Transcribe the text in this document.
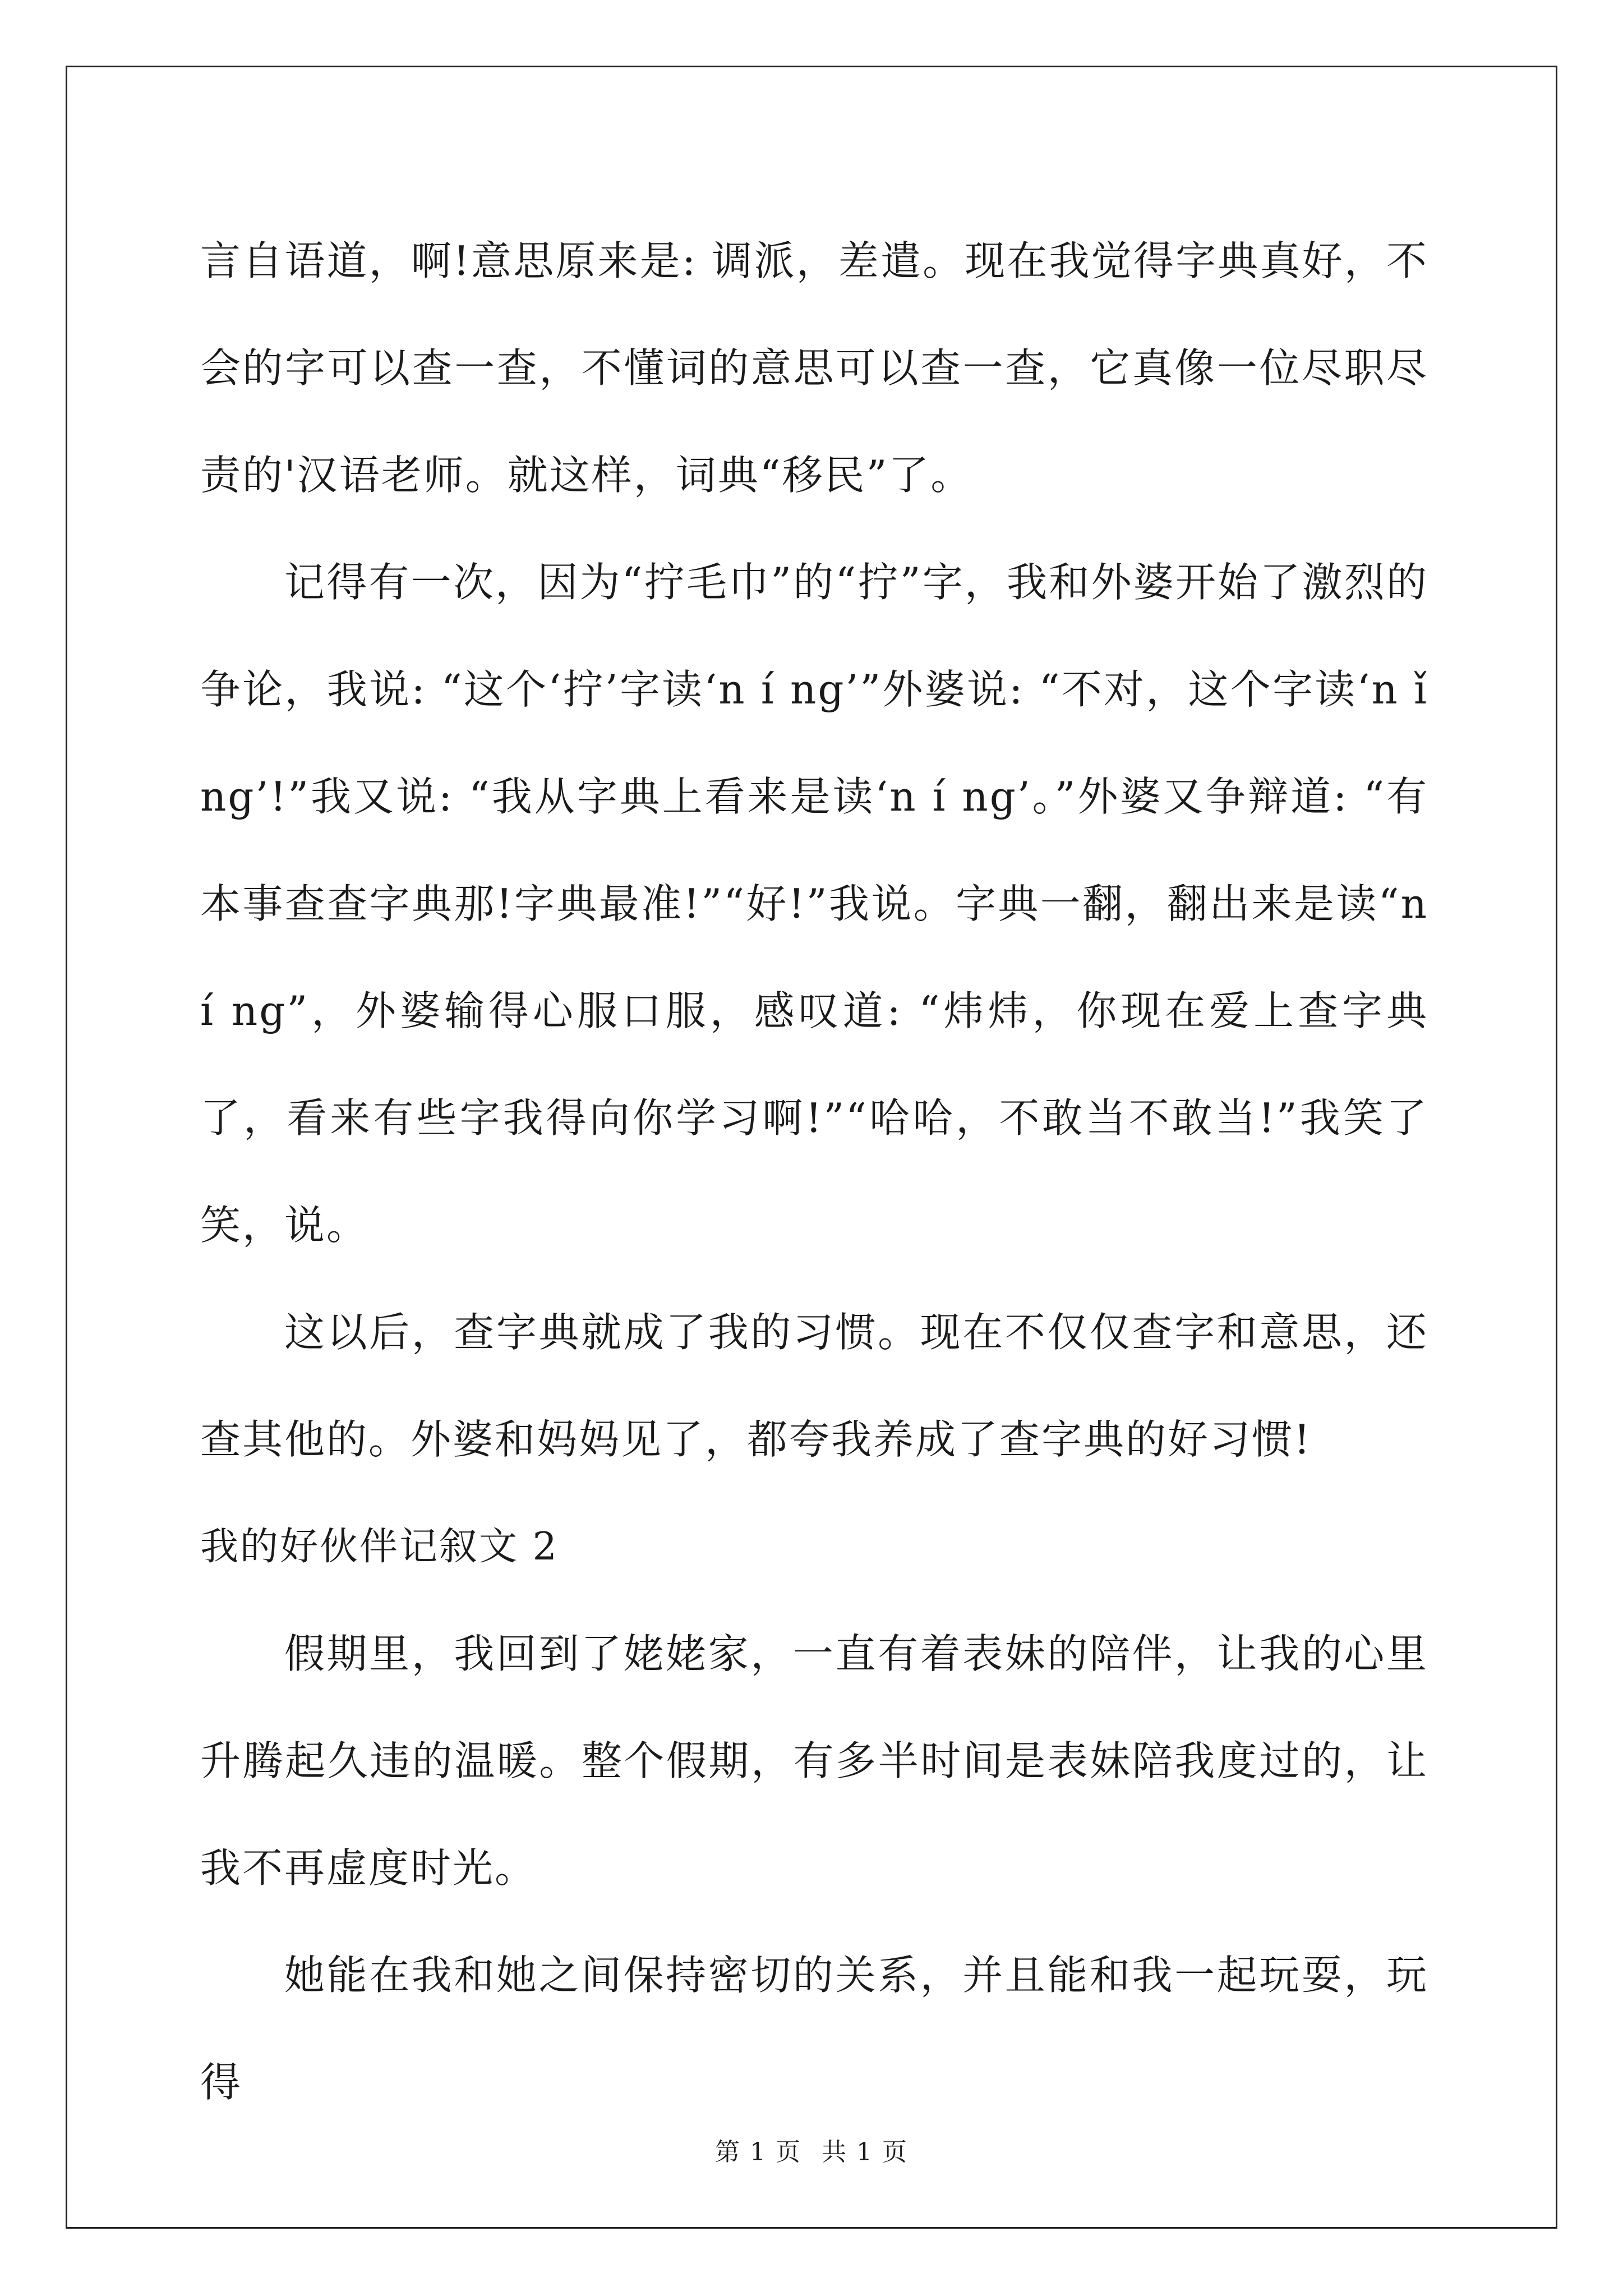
言自语道，啊!意思原来是: 调派，差遣。现在我觉得字典真好，不会的字可以查一查，不懂词的意思可以查一查，它真像一位尽职尽责的'汉语老师。就这样，词典“移民”了。

记得有一次，因为“拧毛巾”的“拧”字，我和外婆开始了激烈的争论，我说: “这个‘拧’字读‘n í ng’”外婆说: “不对，这个字读‘n ǐ ng’!”我又说: “我从字典上看来是读‘n í ng’。”外婆又争辩道: “有本事查查字典那!字典最准!”“好!”我说。字典一翻，翻出来是读“n í ng”，外婆输得心服口服，感叹道: “炜炜，你现在爱上查字典了，看来有些字我得向你学习啊!”“哈哈，不敢当不敢当!”我笑了笑，说。

这以后，查字典就成了我的习惯。现在不仅仅查字和意思，还查其他的。外婆和妈妈见了，都夸我养成了查字典的好习惯!

我的好伙伴记叙文 2

假期里，我回到了姥姥家，一直有着表妹的陪伴，让我的心里升腾起久违的温暖。整个假期，有多半时间是表妹陪我度过的，让我不再虚度时光。

她能在我和她之间保持密切的关系，并且能和我一起玩耍，玩得

第 1 页 共 1 页
